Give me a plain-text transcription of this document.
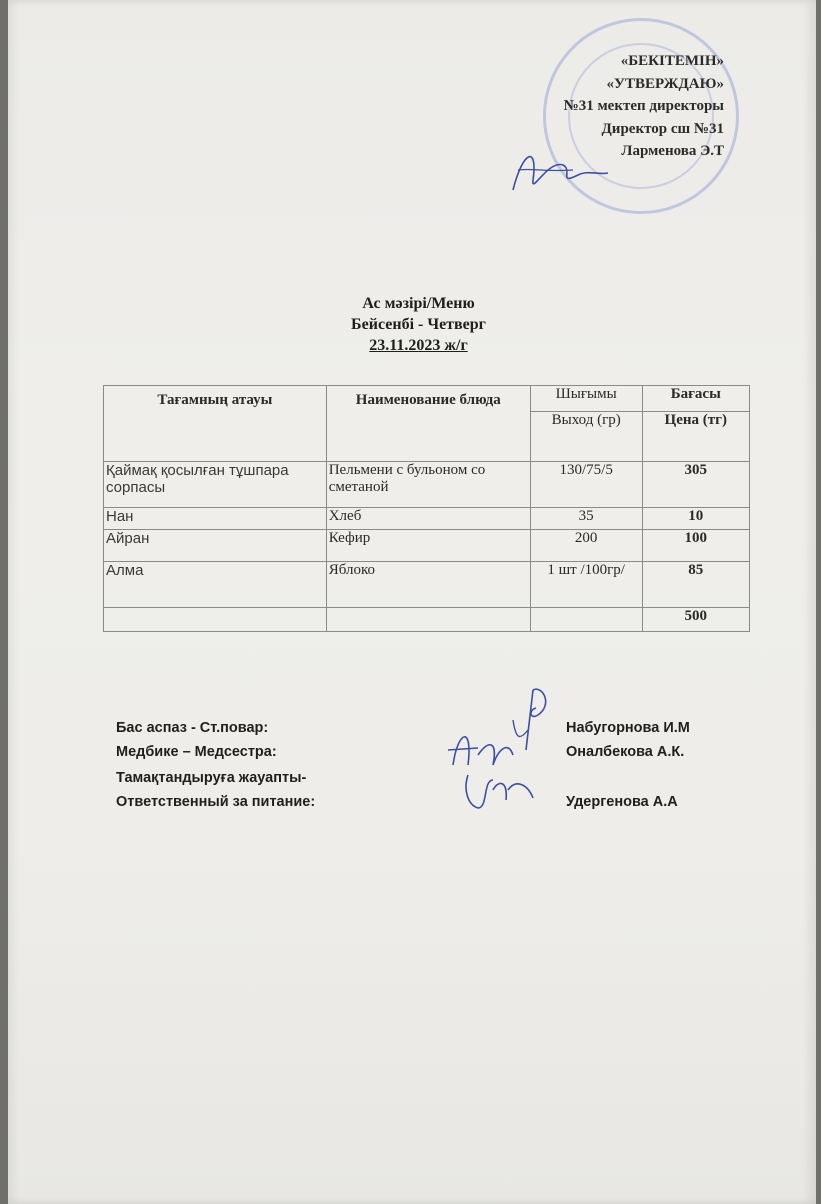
«БЕКІТЕМІН»
«УТВЕРЖДАЮ»
№31 мектеп директоры
Директор сш №31
Ларменова Э.Т
Ас мәзірі/Меню
Бейсенбі - Четверг
23.11.2023 ж/г
Тағамның атауы	Наименование блюда	Шығымы	Бағасы
		Выход (гр)	Цена (тг)
Қаймақ қосылған тұшпара сорпасы	Пельмени с бульоном со сметаной	130/75/5	305
Нан	Хлеб	35	10
Айран	Кефир	200	100
Алма	Яблоко	1 шт /100гр/	85
			500
Бас аспаз - Ст.повар:	Набугорнова И.М
Медбике – Медсестра:	Оналбекова А.К.
Тамақтандыруға жауапты-
Ответственный за питание:	Удергенова А.А
